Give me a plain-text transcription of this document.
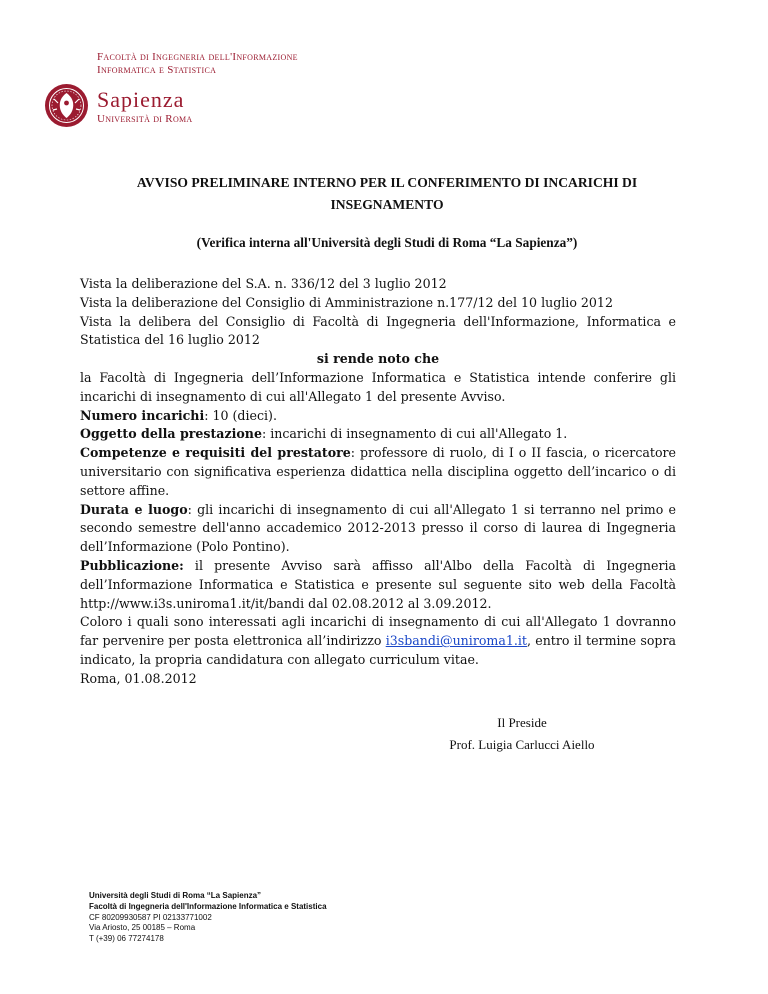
Facoltà di Ingegneria dell'Informazione
Informatica e Statistica
Sapienza
Università di Roma
AVVISO PRELIMINARE INTERNO PER IL CONFERIMENTO DI INCARICHI DI INSEGNAMENTO
(Verifica interna all'Università degli Studi di Roma “La Sapienza”)

Vista la deliberazione del S.A. n. 336/12 del 3 luglio 2012

Vista la deliberazione del Consiglio di Amministrazione n.177/12 del 10 luglio 2012

Vista la delibera del Consiglio di Facoltà di Ingegneria dell'Informazione, Informatica e Statistica del 16 luglio 2012

si rende noto che

la Facoltà di Ingegneria dell’Informazione Informatica e Statistica intende conferire gli incarichi di insegnamento di cui all'Allegato 1 del presente Avviso.

Numero incarichi: 10 (dieci).

Oggetto della prestazione: incarichi di insegnamento di cui all'Allegato 1.

Competenze e requisiti del prestatore: professore di ruolo, di I o II fascia, o ricercatore universitario con significativa esperienza didattica nella disciplina oggetto dell’incarico o di settore affine.

Durata e luogo: gli incarichi di insegnamento di cui all'Allegato 1 si terranno nel primo e secondo semestre dell'anno accademico 2012-2013 presso il corso di laurea di Ingegneria dell’Informazione (Polo Pontino).

Pubblicazione: il presente Avviso sarà affisso all'Albo della Facoltà di Ingegneria dell’Informazione Informatica e Statistica e presente sul seguente sito web della Facoltà http://www.i3s.uniroma1.it/it/bandi dal 02.08.2012 al 3.09.2012.

Coloro i quali sono interessati agli incarichi di insegnamento di cui all'Allegato 1 dovranno far pervenire per posta elettronica all’indirizzo i3sbandi@uniroma1.it, entro il termine sopra indicato, la propria candidatura con allegato curriculum vitae.

Roma, 01.08.2012

Il Preside
Prof. Luigia Carlucci Aiello
Università degli Studi di Roma “La Sapienza”
Facoltà di Ingegneria dell'Informazione Informatica e Statistica
CF 80209930587 PI 02133771002
Via Ariosto, 25 00185 – Roma
T (+39) 06 77274178
